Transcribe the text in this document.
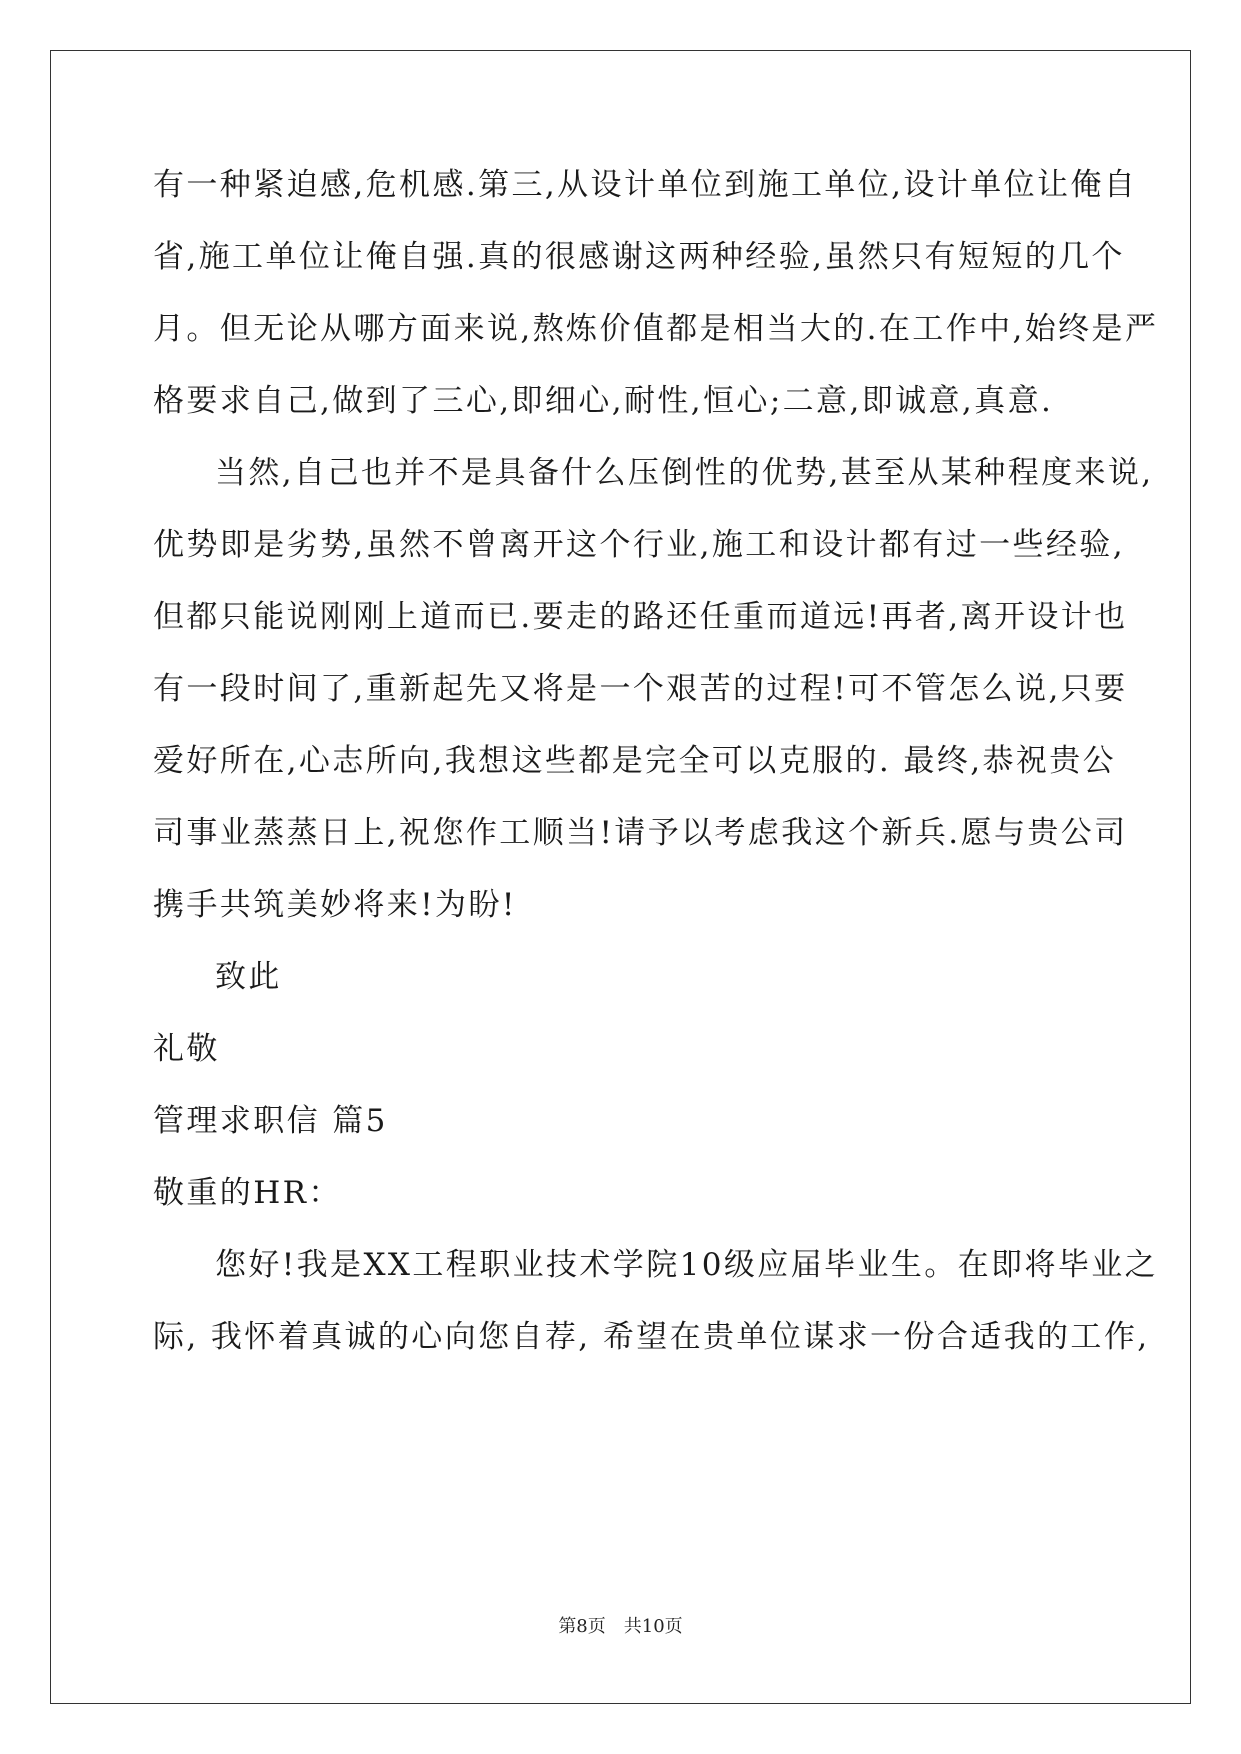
有一种紧迫感,危机感.第三,从设计单位到施工单位,设计单位让俺自
省,施工单位让俺自强.真的很感谢这两种经验,虽然只有短短的几个
月。但无论从哪方面来说,熬炼价值都是相当大的.在工作中,始终是严
格要求自己,做到了三心,即细心,耐性,恒心;二意,即诚意,真意.
当然,自己也并不是具备什么压倒性的优势,甚至从某种程度来说,
优势即是劣势,虽然不曾离开这个行业,施工和设计都有过一些经验,
但都只能说刚刚上道而已.要走的路还任重而道远!再者,离开设计也
有一段时间了,重新起先又将是一个艰苦的过程!可不管怎么说,只要
爱好所在,心志所向,我想这些都是完全可以克服的. 最终,恭祝贵公
司事业蒸蒸日上,祝您作工顺当!请予以考虑我这个新兵.愿与贵公司
携手共筑美妙将来!为盼!
致此
礼敬
管理求职信 篇5
敬重的HR：
您好!我是XX工程职业技术学院10级应届毕业生。在即将毕业之
际, 我怀着真诚的心向您自荐, 希望在贵单位谋求一份合适我的工作,
第8页　共10页
